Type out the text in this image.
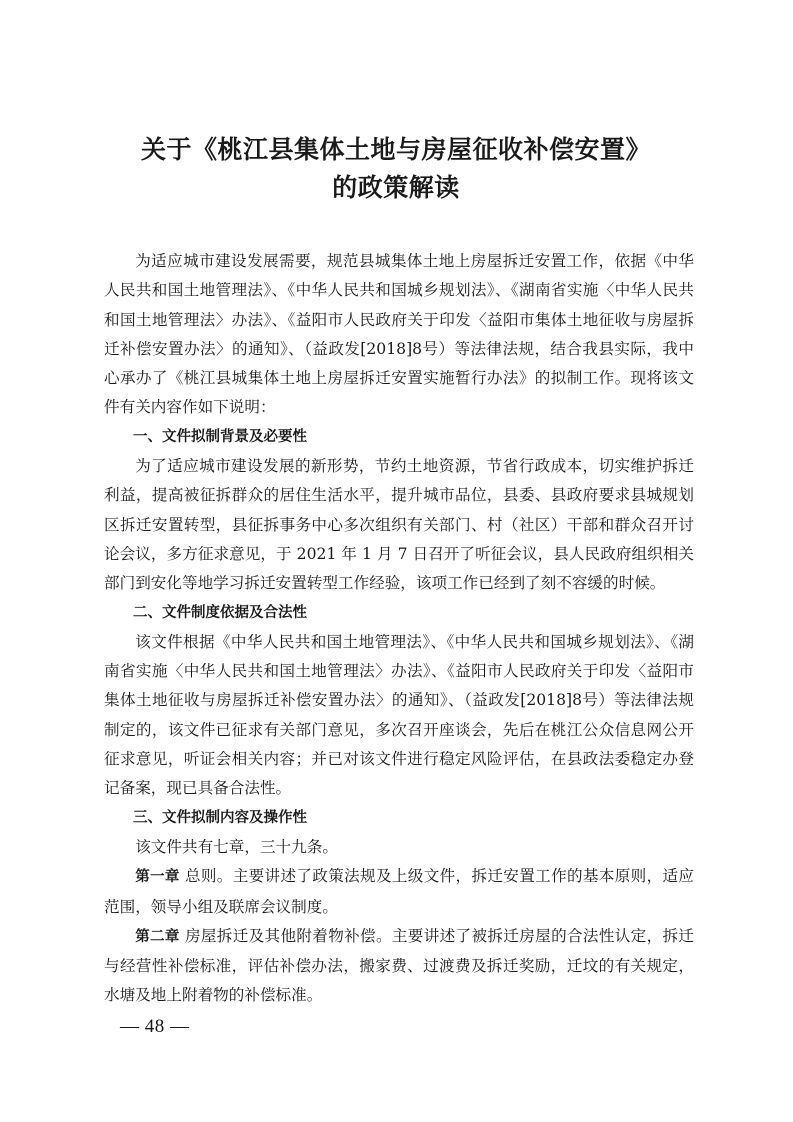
关于《桃江县集体土地与房屋征收补偿安置》
的政策解读

为适应城市建设发展需要，规范县城集体土地上房屋拆迁安置工作，依据《中华人民共和国土地管理法》、《中华人民共和国城乡规划法》、《湖南省实施〈中华人民共和国土地管理法〉办法》、《益阳市人民政府关于印发〈益阳市集体土地征收与房屋拆迁补偿安置办法〉的通知》、（益政发[2018]8号）等法律法规，结合我县实际，我中心承办了《桃江县城集体土地上房屋拆迁安置实施暂行办法》的拟制工作。现将该文件有关内容作如下说明：

一、文件拟制背景及必要性

为了适应城市建设发展的新形势，节约土地资源，节省行政成本，切实维护拆迁利益，提高被征拆群众的居住生活水平，提升城市品位，县委、县政府要求县城规划区拆迁安置转型，县征拆事务中心多次组织有关部门、村（社区）干部和群众召开讨论会议，多方征求意见，于 2021 年 1 月 7 日召开了听征会议，县人民政府组织相关部门到安化等地学习拆迁安置转型工作经验，该项工作已经到了刻不容缓的时候。

二、文件制度依据及合法性

该文件根据《中华人民共和国土地管理法》、《中华人民共和国城乡规划法》、《湖南省实施〈中华人民共和国土地管理法〉办法》、《益阳市人民政府关于印发〈益阳市集体土地征收与房屋拆迁补偿安置办法〉的通知》、（益政发[2018]8号）等法律法规制定的，该文件已征求有关部门意见，多次召开座谈会，先后在桃江公众信息网公开征求意见，听证会相关内容；并已对该文件进行稳定风险评估，在县政法委稳定办登记备案，现已具备合法性。

三、文件拟制内容及操作性

该文件共有七章，三十九条。

第一章 总则。主要讲述了政策法规及上级文件，拆迁安置工作的基本原则，适应范围，领导小组及联席会议制度。

第二章 房屋拆迁及其他附着物补偿。主要讲述了被拆迁房屋的合法性认定，拆迁与经营性补偿标准，评估补偿办法，搬家费、过渡费及拆迁奖励，迁坟的有关规定，水塘及地上附着物的补偿标准。

— 48 —
